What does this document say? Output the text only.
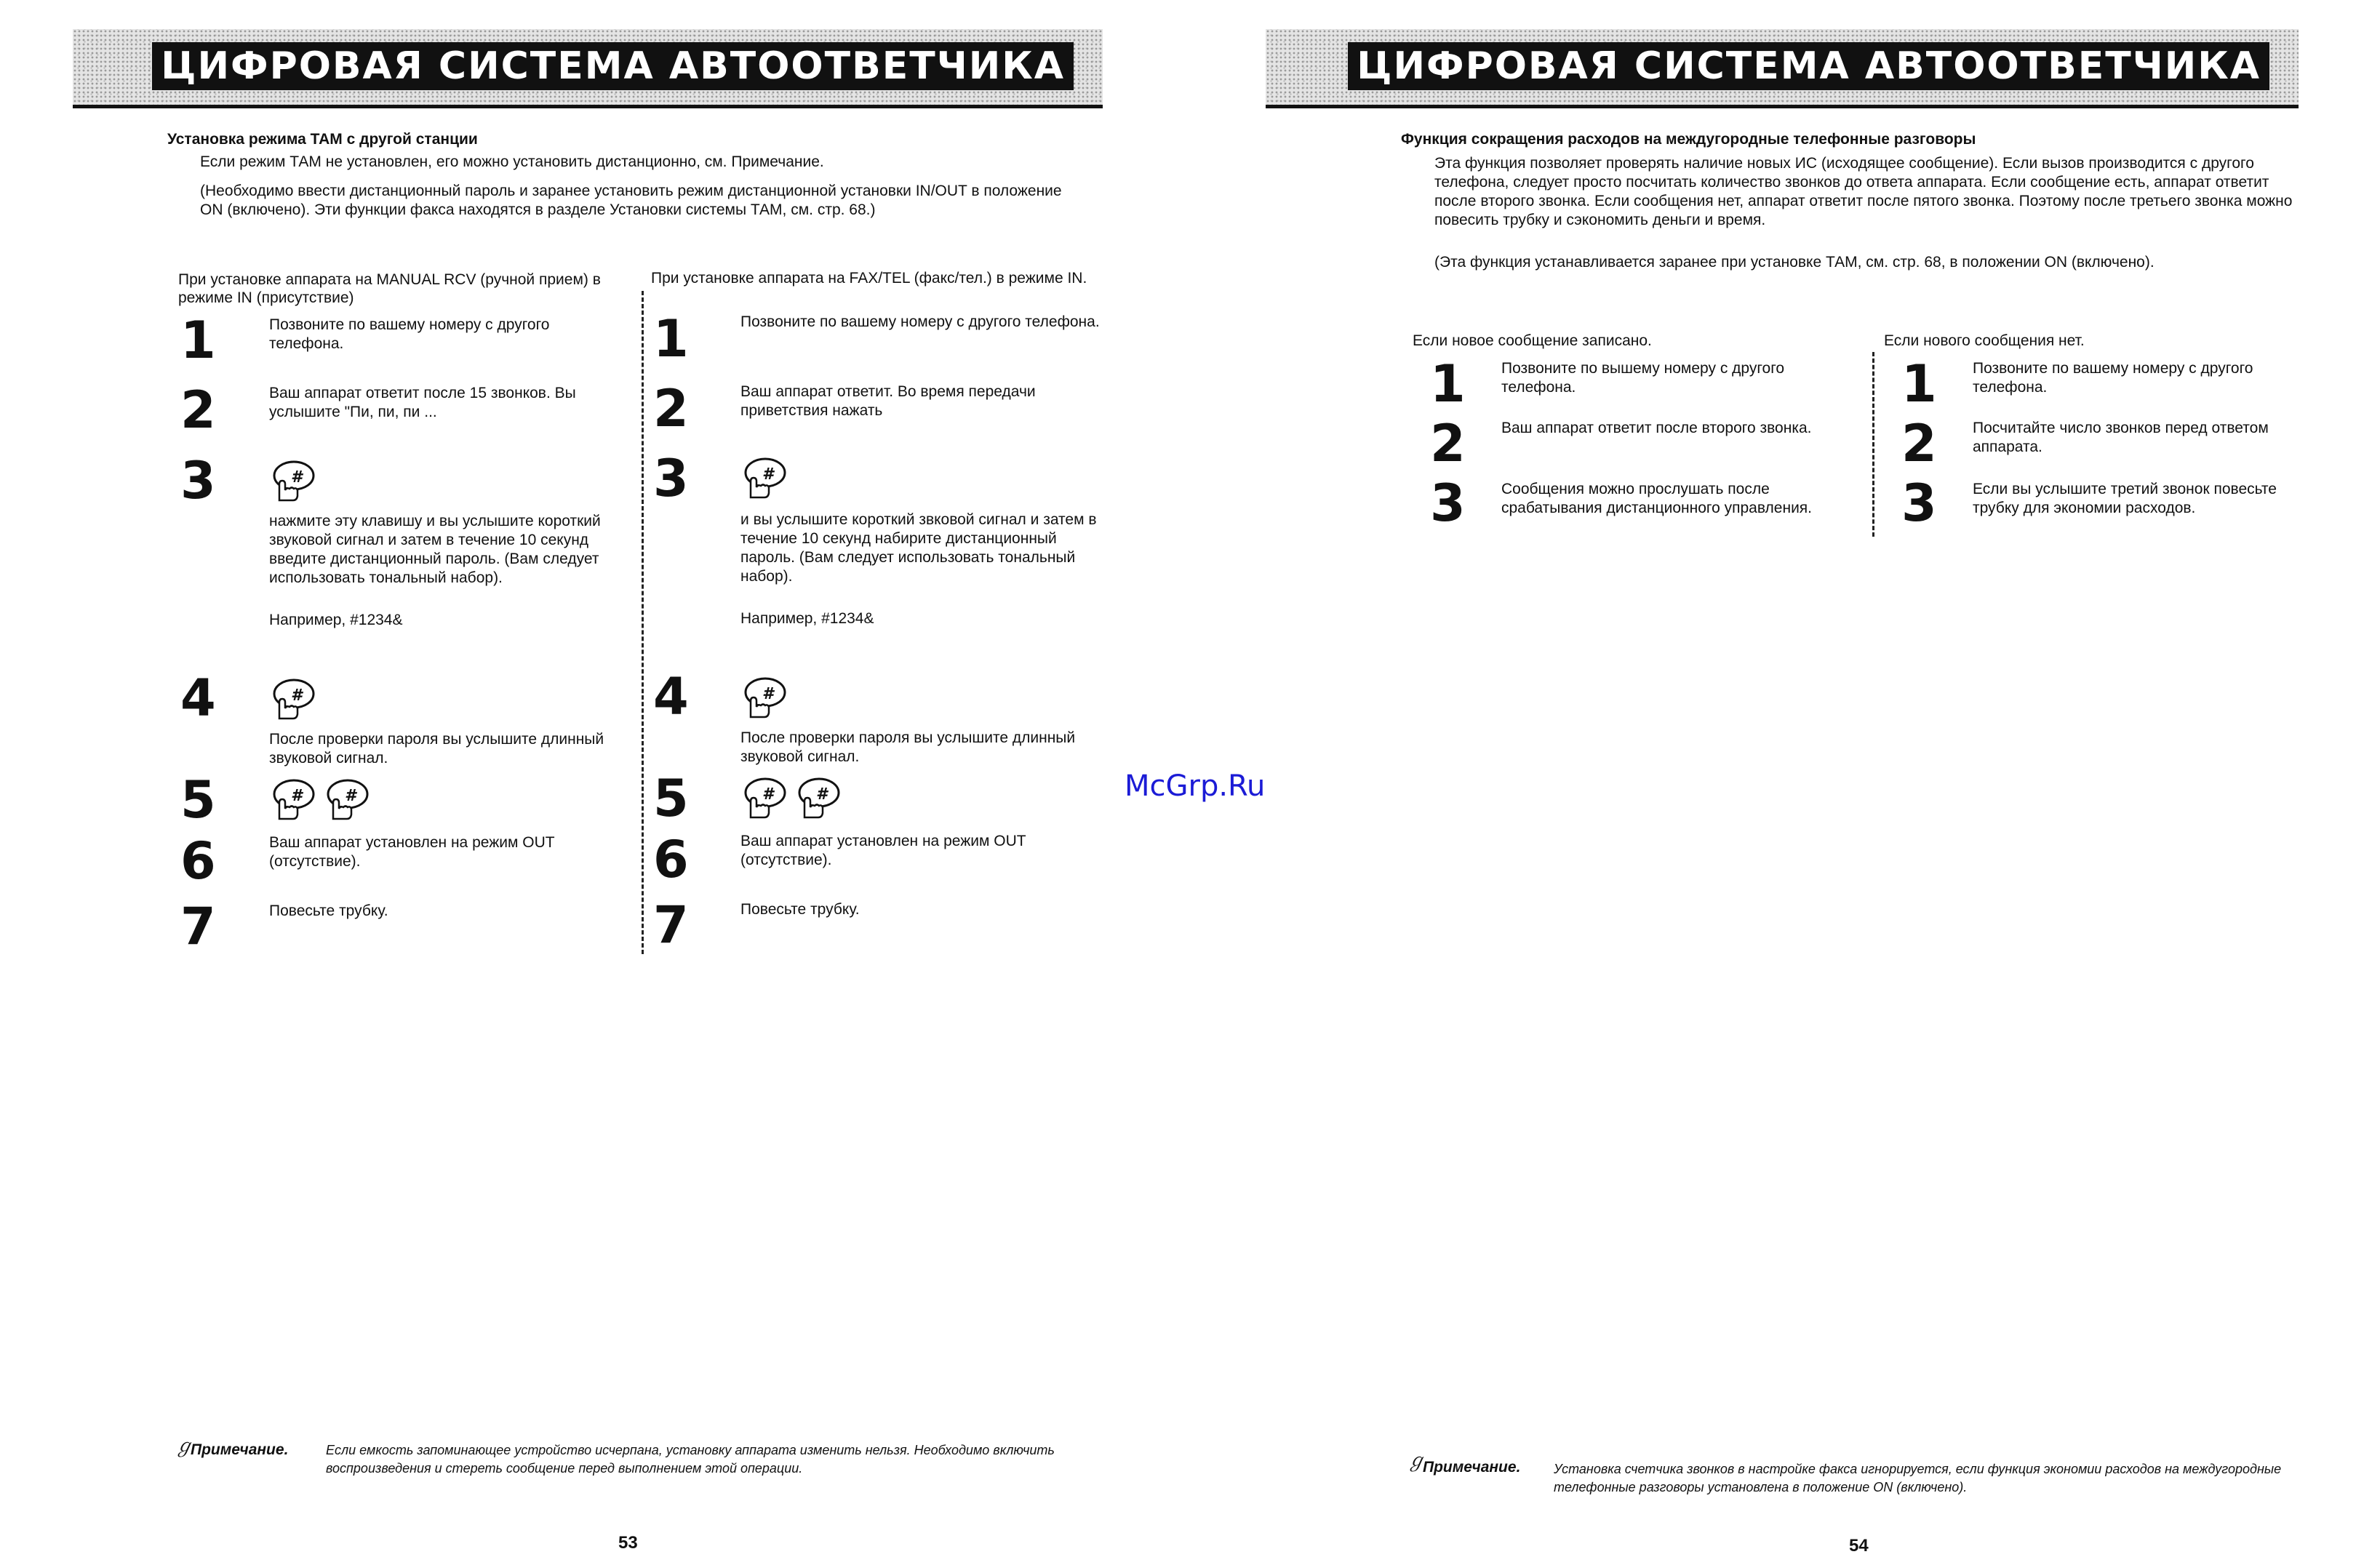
ЦИФРОВАЯ СИСТЕМА АВТООТВЕТЧИКА
Установка режима ТАМ с другой станции

Если режим ТАМ не установлен, его можно установить дистанционно, см. Примечание.

(Необходимо ввести дистанционный пароль и заранее установить режим дистанционной установки IN/OUT в положение ON (включено). Эти функции факса находятся в разделе Установки системы ТАМ, см. стр. 68.)

При установке аппарата на MANUAL RCV (ручной прием) в режиме IN (присутствие)

1	Позвоните по вашему номеру с другого телефона.

2	Ваш аппарат ответит после 15 звонков. Вы услышите "Пи, пи, пи ...

3

нажмите эту клавишу и вы услышите короткий звуковой сигнал и затем в течение 10 секунд введите дистанционный пароль. (Вам следует использовать тональный набор).

Например, #1234&

4

После проверки пароля вы услышите длинный звуковой сигнал.

5
6	Ваш аппарат установлен на режим OUT (отсутствие).

7	Повесьте трубку.

При установке аппарата на FAX/TEL (факс/тел.) в режиме IN.

1	Позвоните по вашему номеру с другого телефона.

2	Ваш аппарат ответит. Во время передачи приветствия нажать

3

и вы услышите короткий звковой сигнал и затем в течение 10 секунд набирите дистанционный пароль. (Вам следует использовать тональный набор).

Например, #1234&

4

После проверки пароля вы услышите длинный звуковой сигнал.

5
6	Ваш аппарат установлен на режим OUT (отсутствие).

7	Повесьте трубку.

ℊ
Примечание.	Если емкость запоминающее устройство исчерпана, установку аппарата изменить нельзя. Необходимо включить воспроизведения и стереть сообщение перед выполнением этой операции.

53
McGrp.Ru
ЦИФРОВАЯ СИСТЕМА АВТООТВЕТЧИКА
Функция сокращения расходов на междугородные телефонные разговоры

Эта функция позволяет проверять наличие новых ИС (исходящее сообщение). Если вызов производится с другого телефона, следует просто посчитать количество звонков до ответа аппарата. Если сообщение есть, аппарат ответит после второго звонка. Если сообщения нет, аппарат ответит после пятого звонка. Поэтому после третьего звонка можно повесить трубку и сэкономить деньги и время.

(Эта функция устанавливается заранее при установке ТАМ, см. стр. 68, в положении ON (включено).

Если новое сообщение записано.

1 Позвоните по вышему номеру с другого телефона.

2 Ваш аппарат ответит после второго звонка.

3 Сообщения можно прослушать после срабатывания дистанционного управления.

Если нового сообщения нет.

1 Позвоните по вашему номеру с другого телефона.

2 Посчитайте число звонков перед ответом аппарата.

3 Если вы услышите третий звонок повесьте трубку для экономии расходов.

ℊ
Примечание.	Установка счетчика звонков в настройке факса игнорируется, если функция экономии расходов на междугородные телефонные разговоры установлена в положение ON (включено).

54
